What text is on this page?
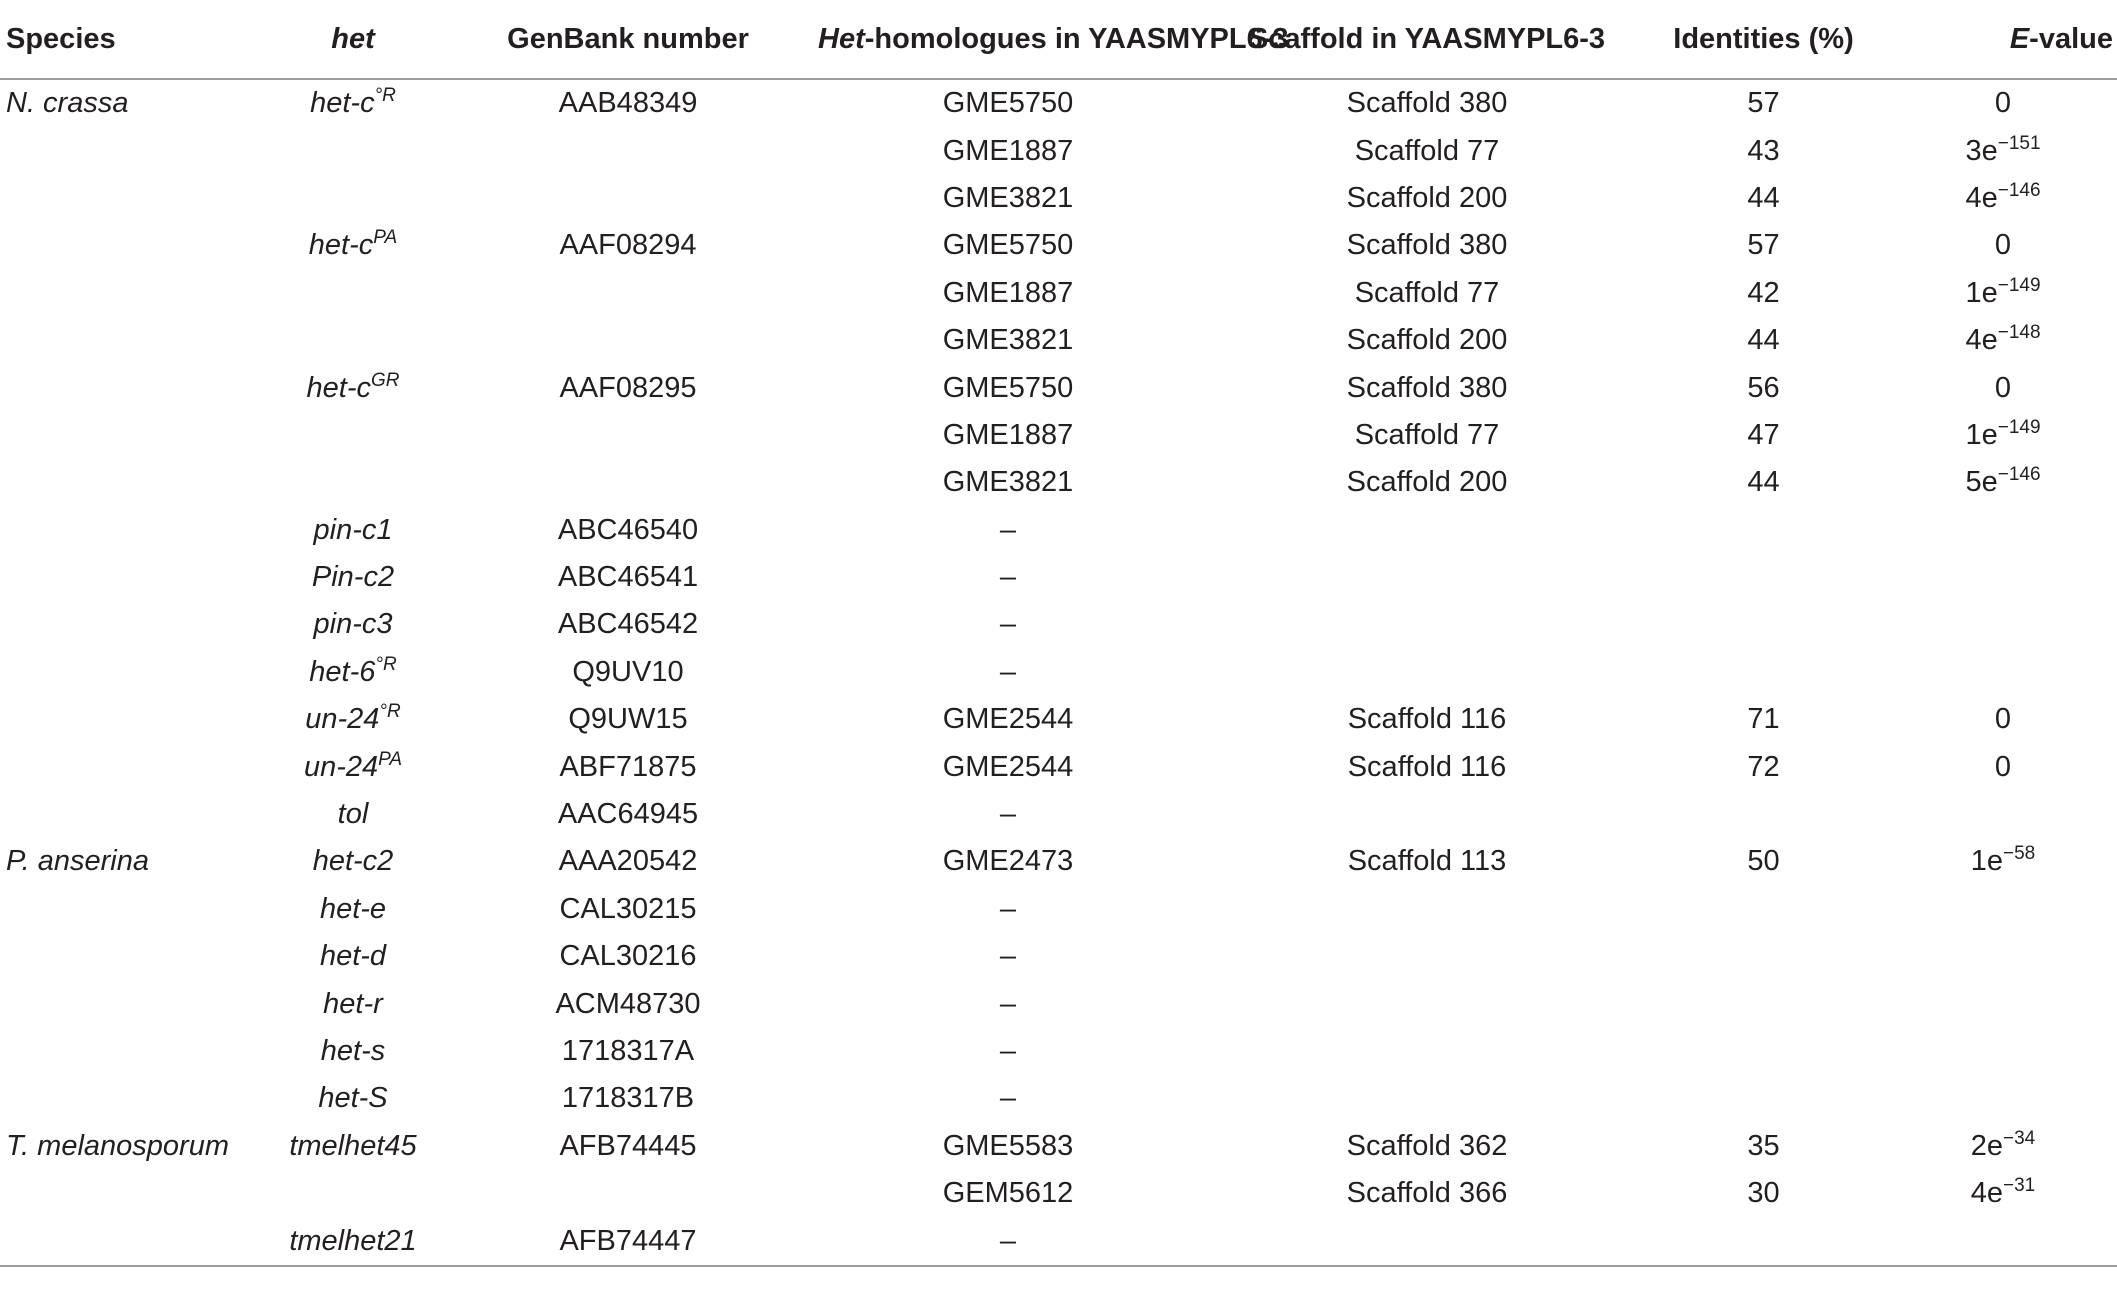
Species	het	GenBank number	Het-homologues in YAASMYPL6-3	Scaffold in YAASMYPL6-3	Identities (%)	E-value
N. crassa	het-$c^{^\circ R}$	AAB48349	GME5750	Scaffold 380	57	0
			GME1887	Scaffold 77	43	$3e^{-151}$
			GME3821	Scaffold 200	44	$4e^{-146}$
	het-$c^{PA}$	AAF08294	GME5750	Scaffold 380	57	0
			GME1887	Scaffold 77	42	$1e^{-149}$
			GME3821	Scaffold 200	44	$4e^{-148}$
	het-$c^{GR}$	AAF08295	GME5750	Scaffold 380	56	0
			GME1887	Scaffold 77	47	$1e^{-149}$
			GME3821	Scaffold 200	44	$5e^{-146}$
	pin-c1	ABC46540	–			
	Pin-c2	ABC46541	–			
	pin-c3	ABC46542	–			
	het-$6^{^\circ R}$	Q9UV10	–			
	$un-24^{^\circ R}$	Q9UW15	GME2544	Scaffold 116	71	0
	$un-24^{PA}$	ABF71875	GME2544	Scaffold 116	72	0
	tol	AAC64945	–			
P. anserina	het-c2	AAA20542	GME2473	Scaffold 113	50	$1e^{-58}$
	het-e	CAL30215	–			
	het-d	CAL30216	–			
	het-r	ACM48730	–			
	het-s	1718317A	–			
	het-S	1718317B	–			
T. melanosporum	tmelhet45	AFB74445	GME5583	Scaffold 362	35	$2e^{-34}$
			GEM5612	Scaffold 366	30	$4e^{-31}$
	tmelhet21	AFB74447	–			
